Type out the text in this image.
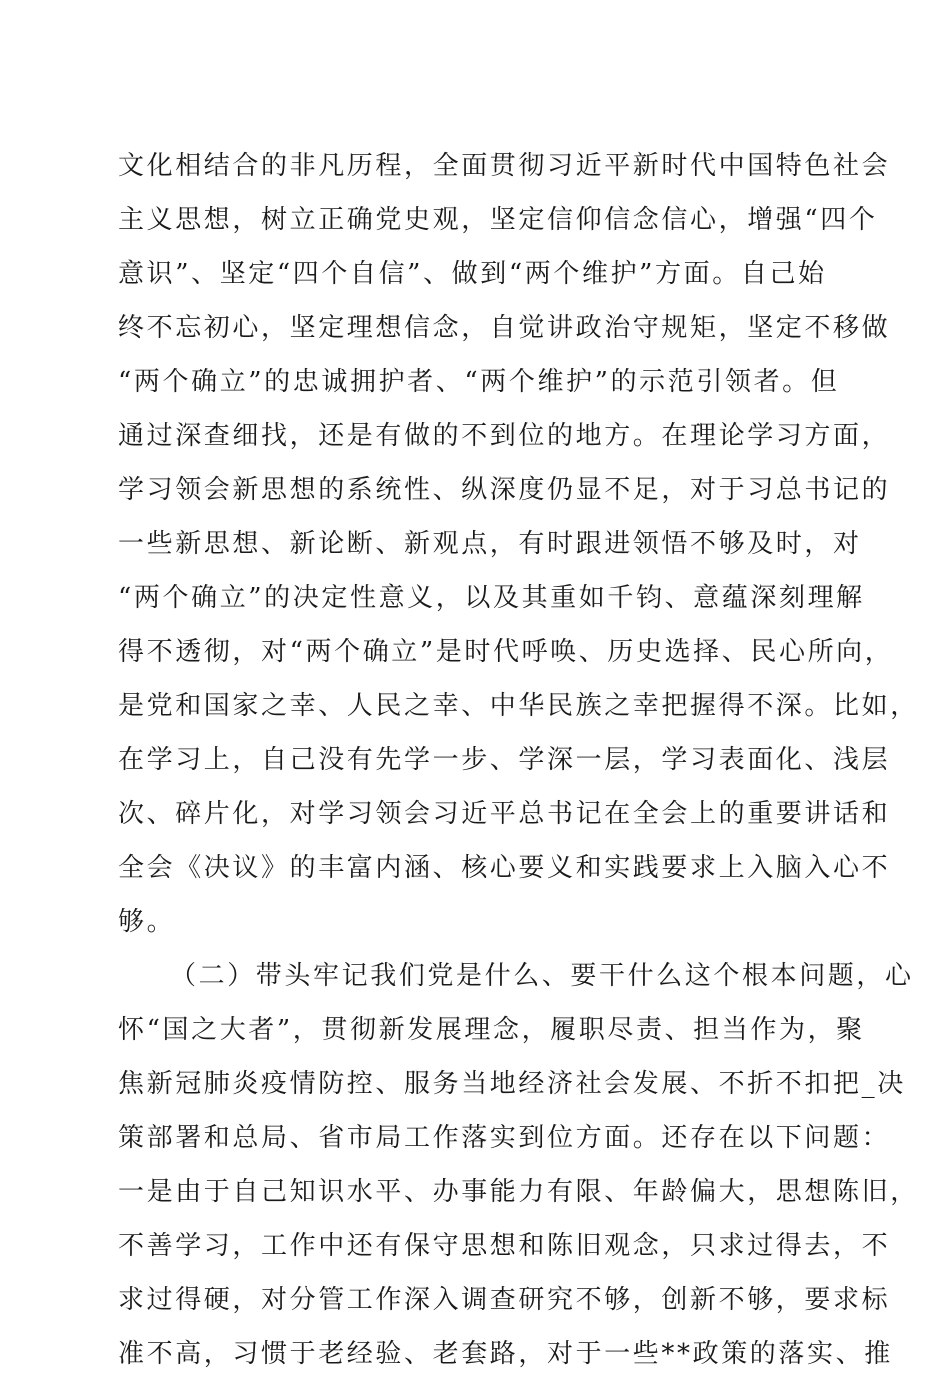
文化相结合的非凡历程，全面贯彻习近平新时代中国特色社会
主义思想，树立正确党史观，坚定信仰信念信心，增强“四个
意识”、坚定“四个自信”、做到“两个维护”方面。自己始
终不忘初心，坚定理想信念，自觉讲政治守规矩，坚定不移做
“两个确立”的忠诚拥护者、“两个维护”的示范引领者。但
通过深查细找，还是有做的不到位的地方。在理论学习方面，
学习领会新思想的系统性、纵深度仍显不足，对于习总书记的
一些新思想、新论断、新观点，有时跟进领悟不够及时，对
“两个确立”的决定性意义，以及其重如千钧、意蕴深刻理解
得不透彻，对“两个确立”是时代呼唤、历史选择、民心所向，
是党和国家之幸、人民之幸、中华民族之幸把握得不深。比如，
在学习上，自己没有先学一步、学深一层，学习表面化、浅层
次、碎片化，对学习领会习近平总书记在全会上的重要讲话和
全会《决议》的丰富内涵、核心要义和实践要求上入脑入心不
够。
（二）带头牢记我们党是什么、要干什么这个根本问题，心
怀“国之大者”，贯彻新发展理念，履职尽责、担当作为，聚
焦新冠肺炎疫情防控、服务当地经济社会发展、不折不扣把_决
策部署和总局、省市局工作落实到位方面。还存在以下问题：
一是由于自己知识水平、办事能力有限、年龄偏大，思想陈旧，
不善学习，工作中还有保守思想和陈旧观念，只求过得去，不
求过得硬，对分管工作深入调查研究不够，创新不够，要求标
准不高，习惯于老经验、老套路，对于一些**政策的落实、推
